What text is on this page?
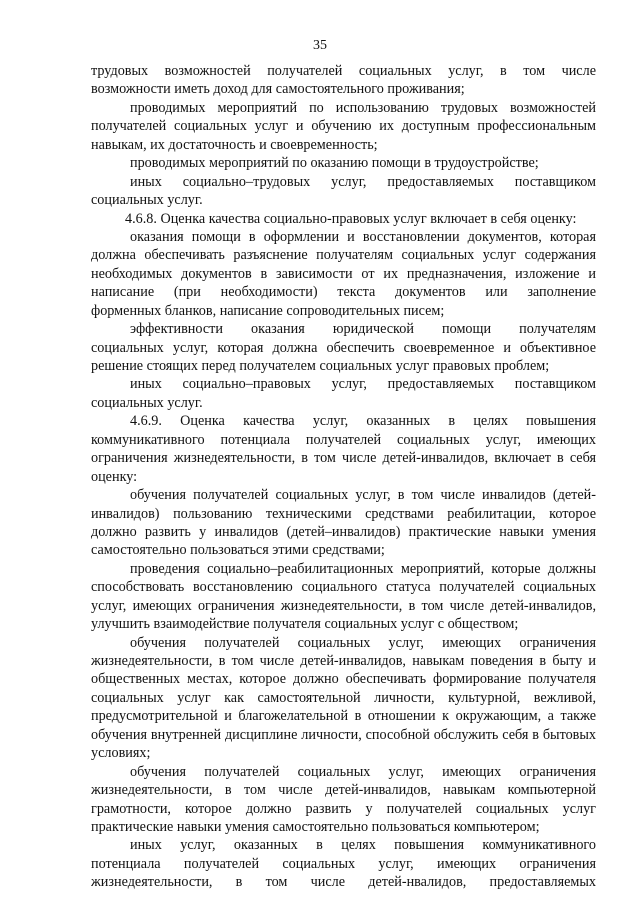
35
трудовых возможностей получателей социальных услуг, в том числе
возможности иметь доход для самостоятельного проживания;
проводимых мероприятий по использованию трудовых возможностей
получателей социальных услуг и обучению их доступным профессиональным
навыкам, их достаточность и своевременность;
проводимых мероприятий по оказанию помощи в трудоустройстве;
иных социально–трудовых услуг, предоставляемых поставщиком
социальных услуг.
4.6.8. Оценка качества социально-правовых услуг включает в себя оценку:
оказания помощи в оформлении и восстановлении документов, которая
должна обеспечивать разъяснение получателям социальных услуг содержания
необходимых документов в зависимости от их предназначения, изложение и
написание (при необходимости) текста документов или заполнение
форменных бланков, написание сопроводительных писем;
эффективности оказания юридической помощи получателям
социальных услуг, которая должна обеспечить своевременное и объективное
решение стоящих перед получателем социальных услуг правовых проблем;
иных социально–правовых услуг, предоставляемых поставщиком
социальных услуг.
4.6.9. Оценка качества услуг, оказанных в целях повышения
коммуникативного потенциала получателей социальных услуг, имеющих
ограничения жизнедеятельности, в том числе детей-инвалидов, включает в себя
оценку:
обучения получателей социальных услуг, в том числе инвалидов (детей-
инвалидов) пользованию техническими средствами реабилитации, которое
должно развить у инвалидов (детей–инвалидов) практические навыки умения
самостоятельно пользоваться этими средствами;
проведения социально–реабилитационных мероприятий, которые должны
способствовать восстановлению социального статуса получателей социальных
услуг, имеющих ограничения жизнедеятельности, в том числе детей-инвалидов,
улучшить взаимодействие получателя социальных услуг с обществом;
обучения получателей социальных услуг, имеющих ограничения
жизнедеятельности, в том числе детей-инвалидов, навыкам поведения в быту и
общественных местах, которое должно обеспечивать формирование получателя
социальных услуг как самостоятельной личности, культурной, вежливой,
предусмотрительной и благожелательной в отношении к окружающим, а также
обучения внутренней дисциплине личности, способной обслужить себя в бытовых
условиях;
обучения получателей социальных услуг, имеющих ограничения
жизнедеятельности, в том числе детей-инвалидов, навыкам компьютерной
грамотности, которое должно развить у получателей социальных услуг
практические навыки умения самостоятельно пользоваться компьютером;
иных услуг, оказанных в целях повышения коммуникативного
потенциала получателей социальных услуг, имеющих ограничения
жизнедеятельности, в том числе детей-нвалидов, предоставляемых
